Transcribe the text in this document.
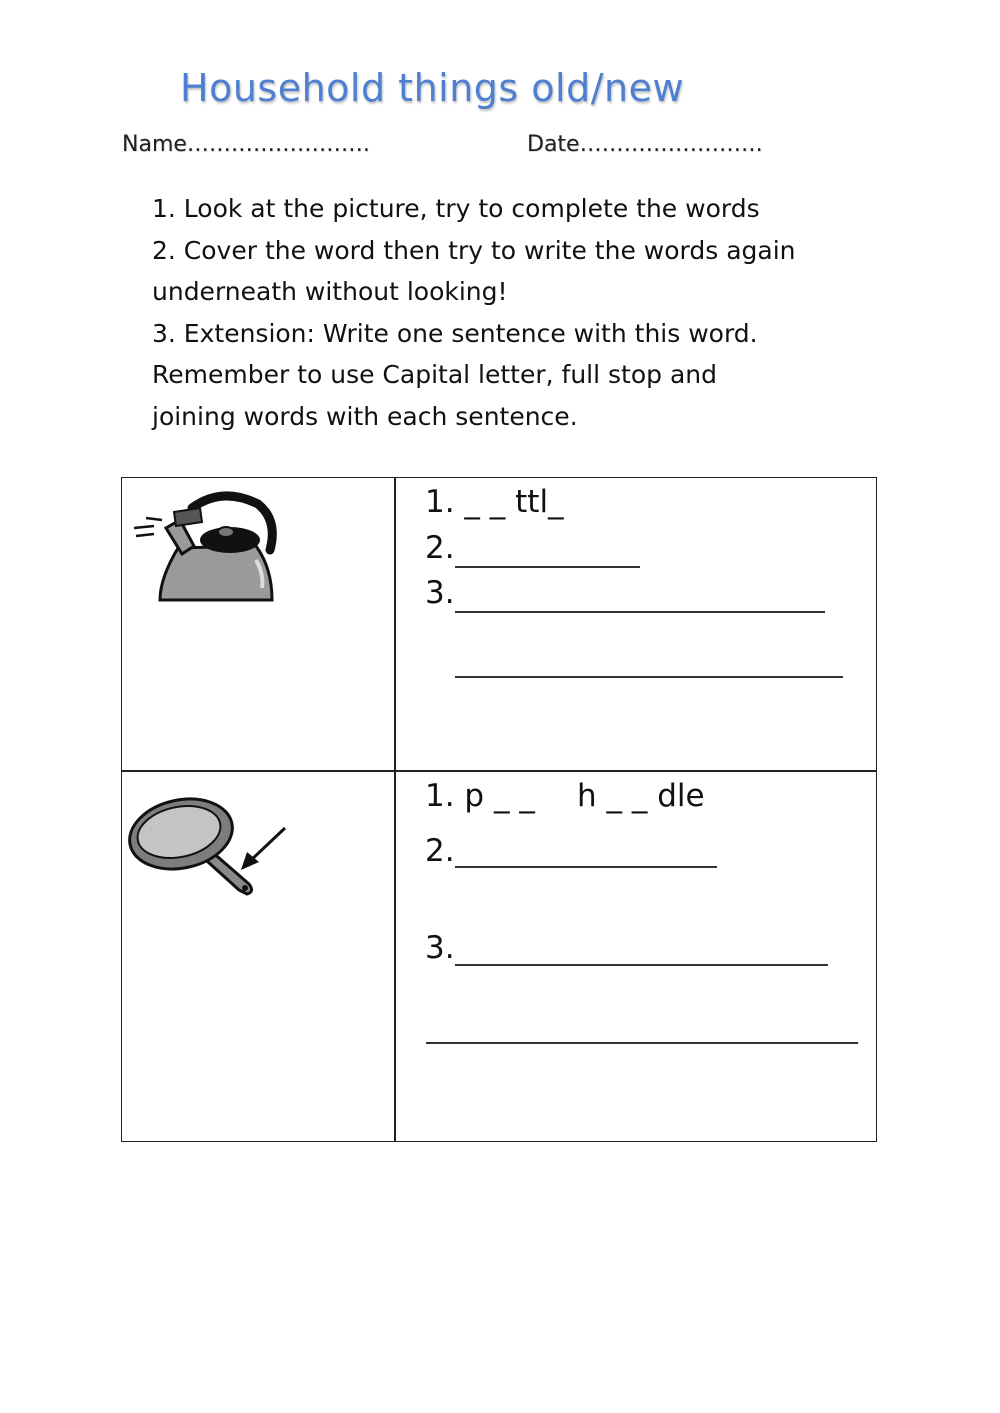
Household things old/new
Name…………………….	Date…………………….
1. Look at the picture, try to complete the words
2. Cover the word then try to write the words again
underneath without looking!
3. Extension: Write one sentence with this word.
Remember to use Capital letter, full stop and
joining words with each sentence.
1. _ _ ttl_
2.
3.
1. p _ _ h _ _ dle
2.
3.
